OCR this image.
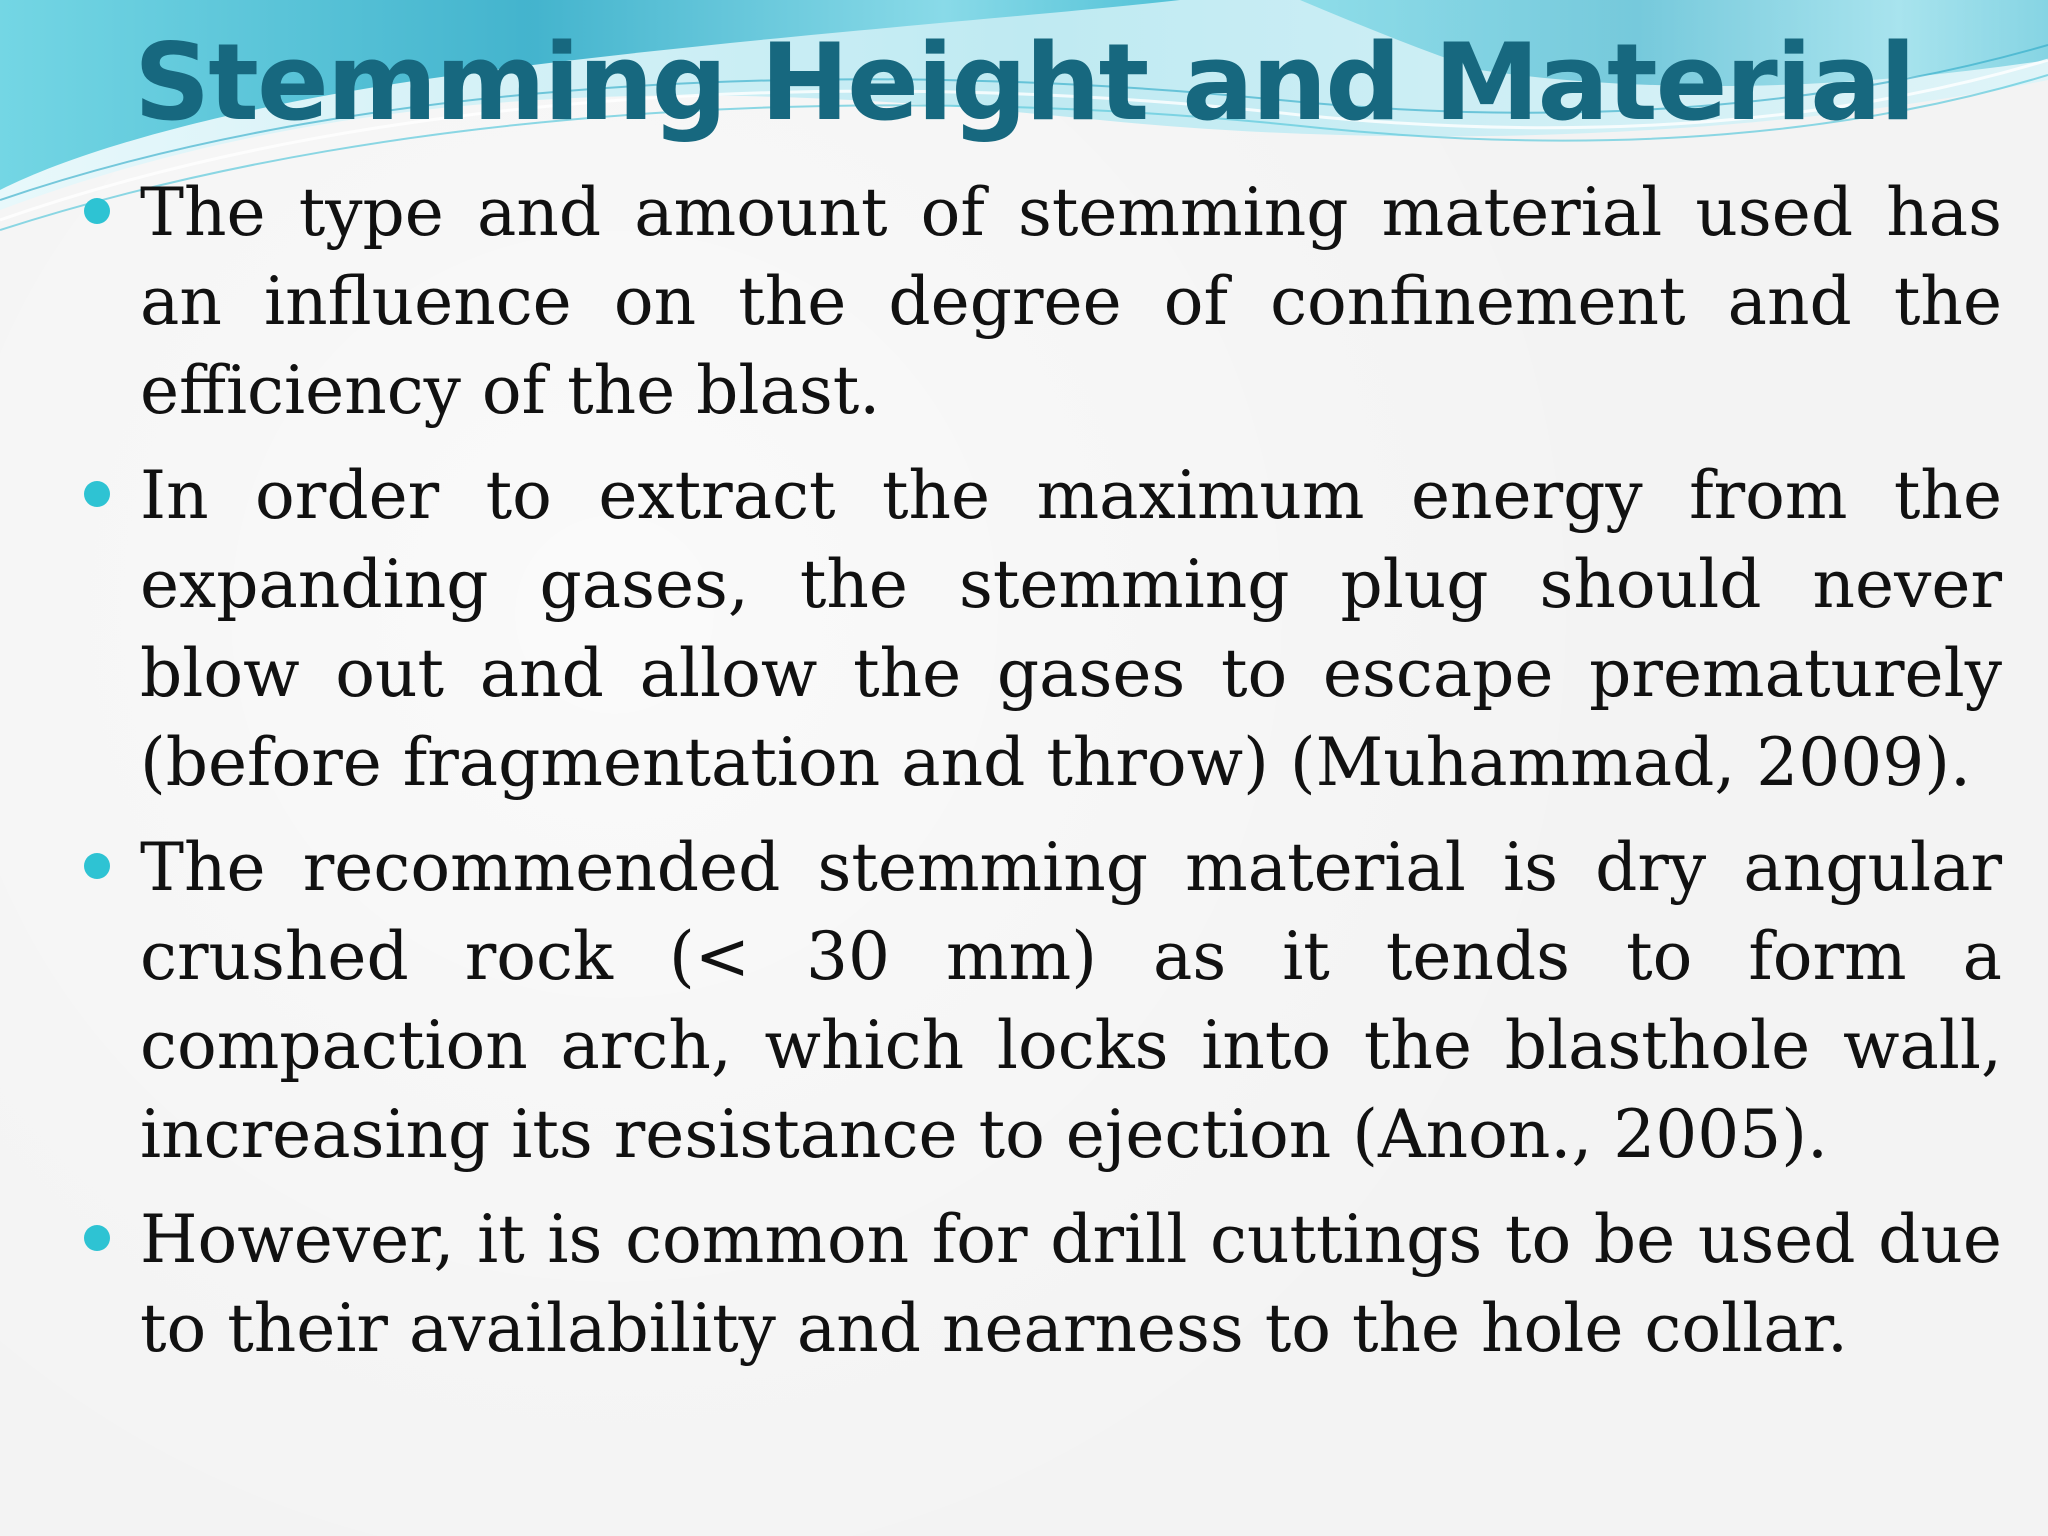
Stemming Height and Material
The type and amount of stemming material used has an influence on the degree of confinement and the efficiency of the blast.
In order to extract the maximum energy from the expanding gases, the stemming plug should never blow out and allow the gases to escape prematurely (before fragmentation and throw) (Muhammad, 2009).
The recommended stemming material is dry angular crushed rock (< 30 mm) as it tends to form a compaction arch, which locks into the blasthole wall, increasing its resistance to ejection (Anon., 2005).
However, it is common for drill cuttings to be used due to their availability and nearness to the hole collar.
